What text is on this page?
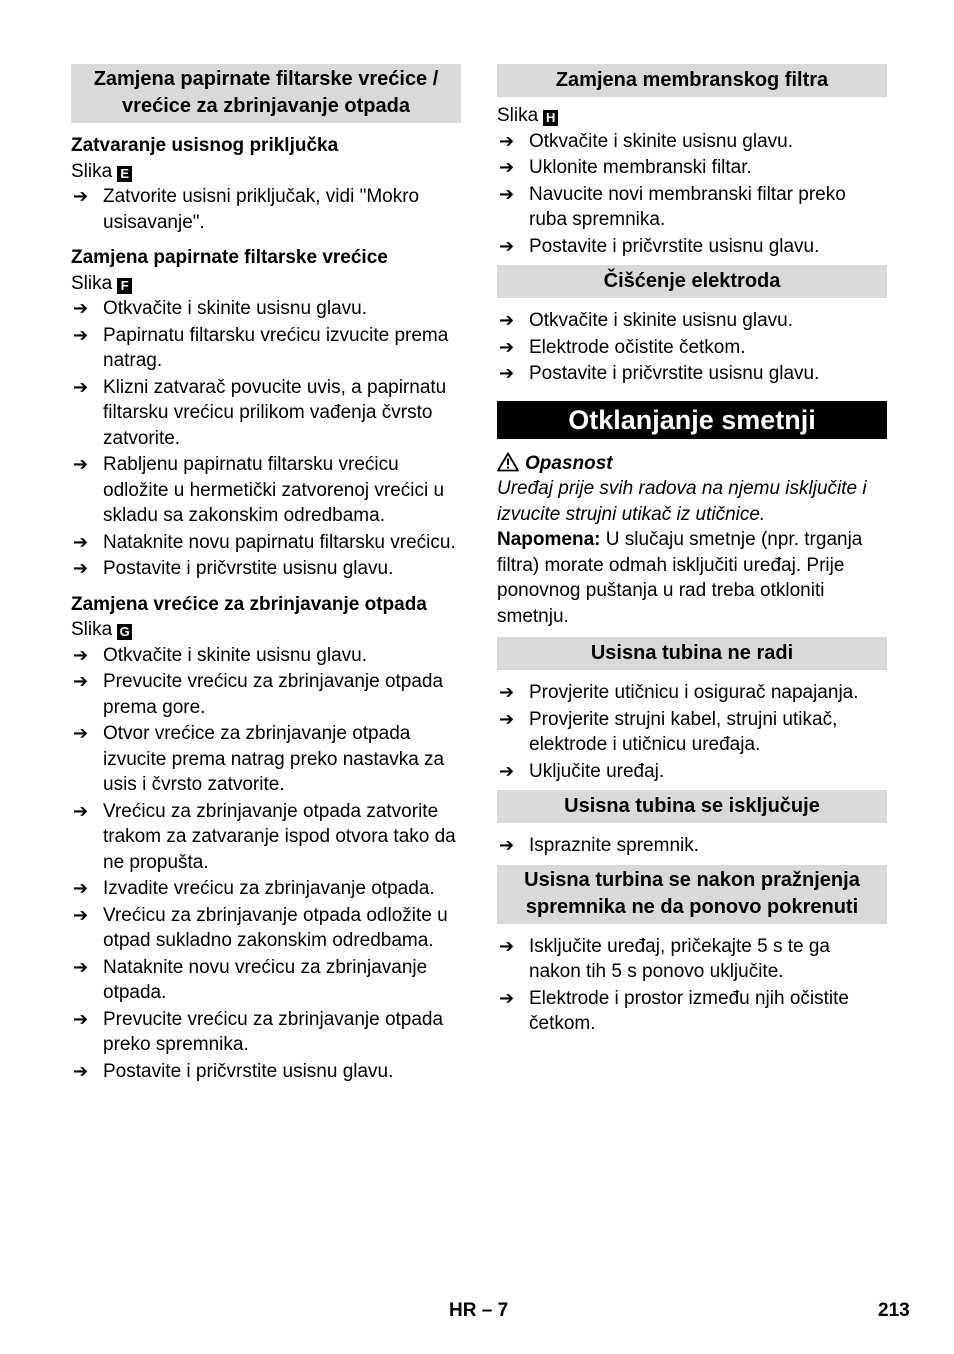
Zamjena papirnate filtarske vrećice /
vrećice za zbrinjavanje otpada
Zatvaranje usisnog priključka

Slika E

➔ Zatvorite usisni priključak, vidi "Mokro usisavanje".
Zamjena papirnate filtarske vrećice

Slika F

➔ Otkvačite i skinite usisnu glavu.
➔ Papirnatu filtarsku vrećicu izvucite prema natrag.
➔ Klizni zatvarač povucite uvis, a papirnatu filtarsku vrećicu prilikom vađenja čvrsto zatvorite.
➔ Rabljenu papirnatu filtarsku vrećicu odložite u hermetički zatvorenoj vrećici u skladu sa zakonskim odredbama.
➔ Nataknite novu papirnatu filtarsku vrećicu.
➔ Postavite i pričvrstite usisnu glavu.
Zamjena vrećice za zbrinjavanje otpada

Slika G

➔ Otkvačite i skinite usisnu glavu.
➔ Prevucite vrećicu za zbrinjavanje otpada prema gore.
➔ Otvor vrećice za zbrinjavanje otpada izvucite prema natrag preko nastavka za usis i čvrsto zatvorite.
➔ Vrećicu za zbrinjavanje otpada zatvorite trakom za zatvaranje ispod otvora tako da ne propušta.
➔ Izvadite vrećicu za zbrinjavanje otpada.
➔ Vrećicu za zbrinjavanje otpada odložite u otpad sukladno zakonskim odredbama.
➔ Nataknite novu vrećicu za zbrinjavanje otpada.
➔ Prevucite vrećicu za zbrinjavanje otpada preko spremnika.
➔ Postavite i pričvrstite usisnu glavu.
Zamjena membranskog filtra

Slika H

➔ Otkvačite i skinite usisnu glavu.
➔ Uklonite membranski filtar.
➔ Navucite novi membranski filtar preko ruba spremnika.
➔ Postavite i pričvrstite usisnu glavu.
Čišćenje elektroda
➔ Otkvačite i skinite usisnu glavu.
➔ Elektrode očistite četkom.
➔ Postavite i pričvrstite usisnu glavu.
Otklanjanje smetnji
Opasnost

Uređaj prije svih radova na njemu isključite i izvucite strujni utikač iz utičnice.

Napomena: U slučaju smetnje (npr. trganja filtra) morate odmah isključiti uređaj. Prije ponovnog puštanja u rad treba otkloniti smetnju.

Usisna tubina ne radi
➔ Provjerite utičnicu i osigurač napajanja.
➔ Provjerite strujni kabel, strujni utikač, elektrode i utičnicu uređaja.
➔ Uključite uređaj.
Usisna tubina se isključuje
➔ Ispraznite spremnik.
Usisna turbina se nakon pražnjenja
spremnika ne da ponovo pokrenuti
➔ Isključite uređaj, pričekajte 5 s te ga nakon tih 5 s ponovo uključite.
➔ Elektrode i prostor između njih očistite četkom.
HR – 7	213
